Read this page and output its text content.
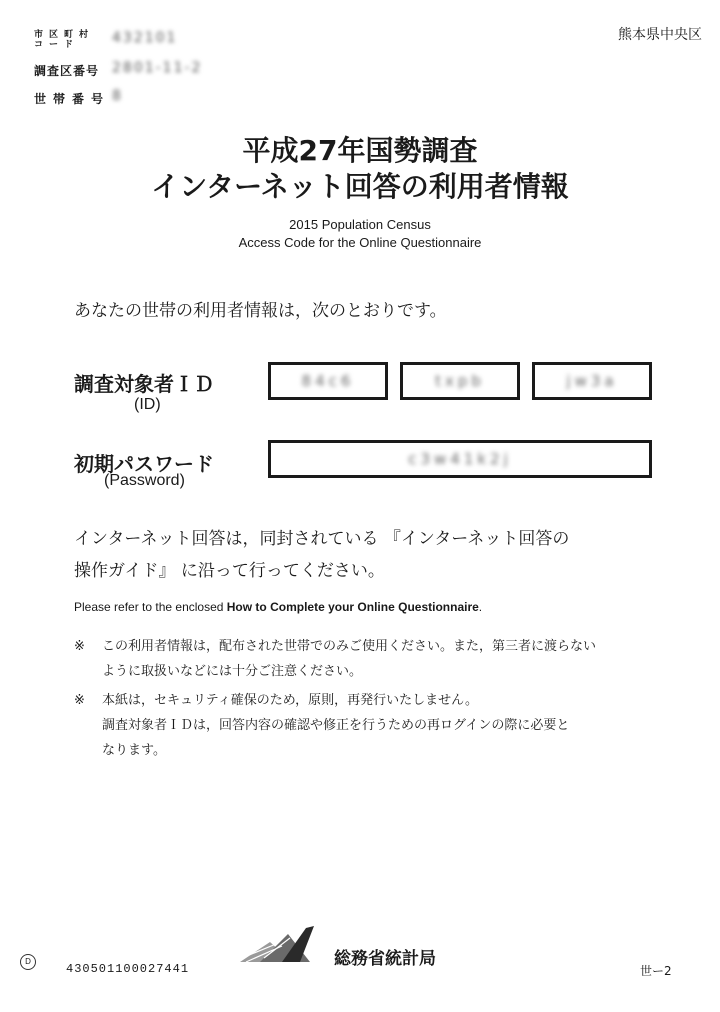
市区町村
コード	432101
調査区番号 2801-11-2
世帯番号 8
熊本県中央区
平成27年国勢調査
インターネット回答の利用者情報
2015 Population Census
Access Code for the Online Questionnaire
あなたの世帯の利用者情報は，次のとおりです。
調査対象者ＩＤ
(ID)
84c6	txpb	jw3a
初期パスワード
(Password)
c3w41k2j
インターネット回答は，同封されている 『インターネット回答の
操作ガイド』 に沿って行ってください。
Please refer to the enclosed How to Complete your Online Questionnaire.
※ この利用者情報は，配布された世帯でのみご使用ください。また，第三者に渡らない
ように取扱いなどには十分ご注意ください。
※ 本紙は，セキュリティ確保のため，原則，再発行いたしません。
調査対象者ＩＤは，回答内容の確認や修正を行うための再ログインの際に必要と
なります。
D
430501100027441	総務省統計局
世ー2
